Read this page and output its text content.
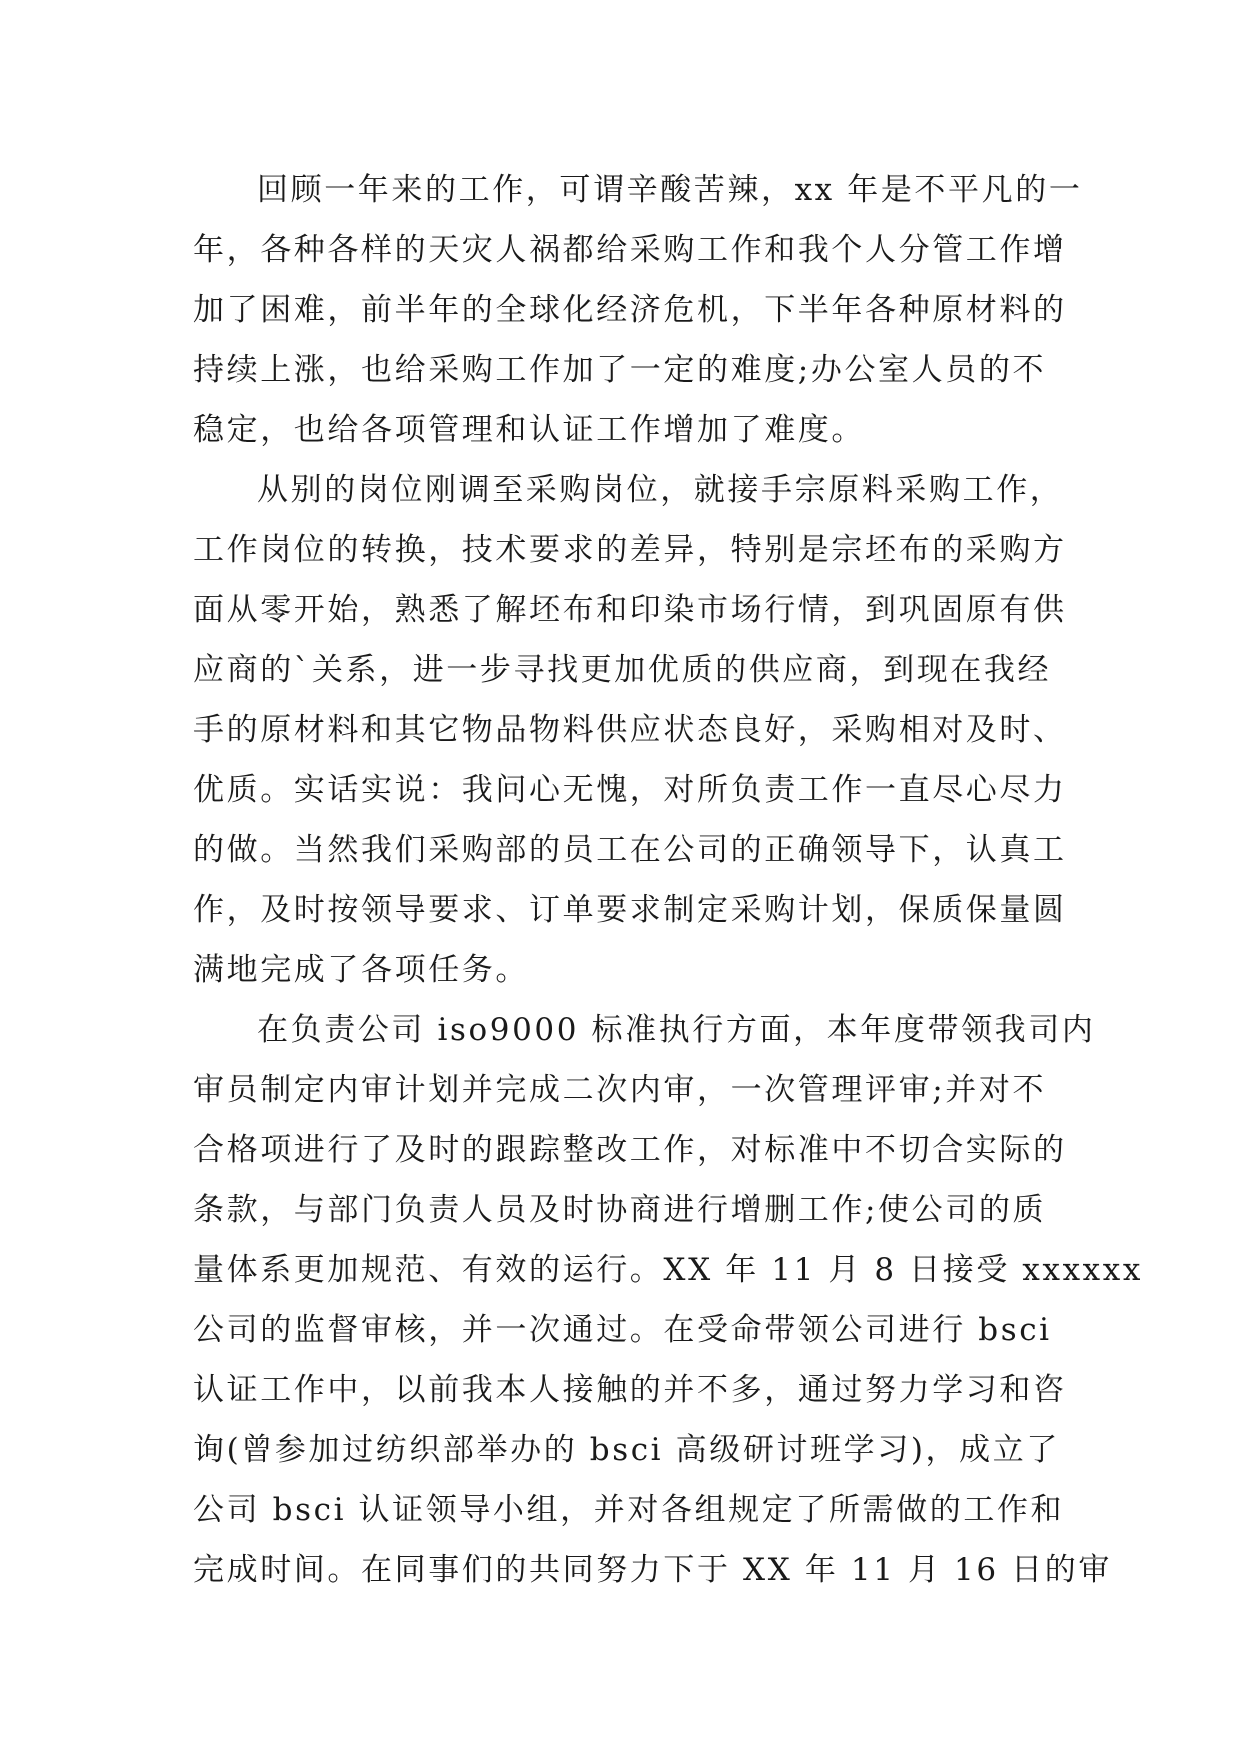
回顾一年来的工作，可谓辛酸苦辣，xx 年是不平凡的一
年，各种各样的天灾人祸都给采购工作和我个人分管工作增
加了困难，前半年的全球化经济危机，下半年各种原材料的
持续上涨，也给采购工作加了一定的难度;办公室人员的不
稳定，也给各项管理和认证工作增加了难度。
从别的岗位刚调至采购岗位，就接手宗原料采购工作，
工作岗位的转换，技术要求的差异，特别是宗坯布的采购方
面从零开始，熟悉了解坯布和印染市场行情，到巩固原有供
应商的`关系，进一步寻找更加优质的供应商，到现在我经
手的原材料和其它物品物料供应状态良好，采购相对及时、
优质。实话实说：我问心无愧，对所负责工作一直尽心尽力
的做。当然我们采购部的员工在公司的正确领导下，认真工
作，及时按领导要求、订单要求制定采购计划，保质保量圆
满地完成了各项任务。
在负责公司 iso9000 标准执行方面，本年度带领我司内
审员制定内审计划并完成二次内审，一次管理评审;并对不
合格项进行了及时的跟踪整改工作，对标准中不切合实际的
条款，与部门负责人员及时协商进行增删工作;使公司的质
量体系更加规范、有效的运行。XX 年 11 月 8 日接受 xxxxxx
公司的监督审核，并一次通过。在受命带领公司进行 bsci
认证工作中，以前我本人接触的并不多，通过努力学习和咨
询(曾参加过纺织部举办的 bsci 高级研讨班学习)，成立了
公司 bsci 认证领导小组，并对各组规定了所需做的工作和
完成时间。在同事们的共同努力下于 XX 年 11 月 16 日的审
